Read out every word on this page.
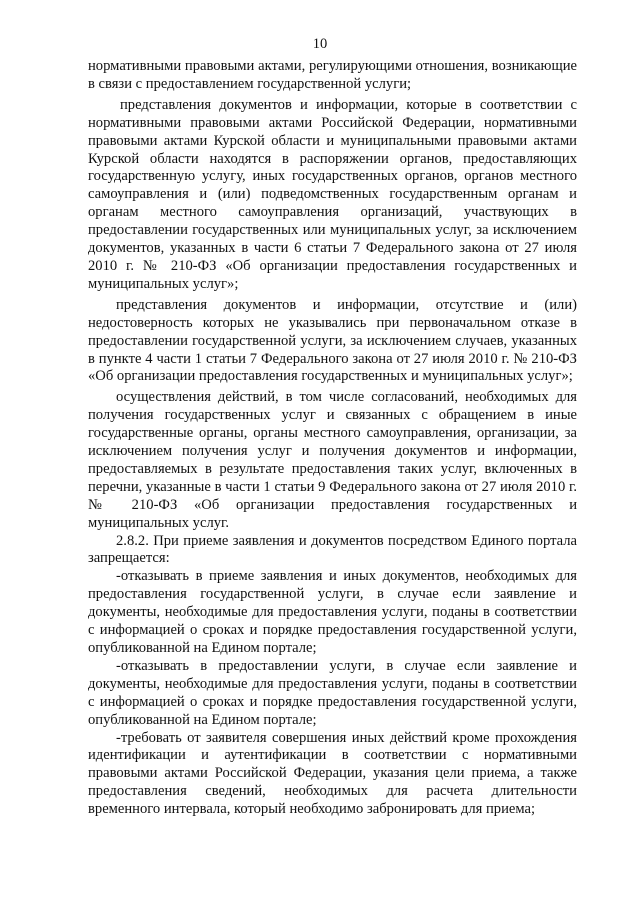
10

нормативными правовыми актами, регулирующими отношения, возникающие в связи с предоставлением государственной услуги;

представления документов и информации, которые в соответствии с нормативными правовыми актами Российской Федерации, нормативными правовыми актами Курской области и муниципальными правовыми актами Курской области находятся в распоряжении органов, предоставляющих государственную услугу, иных государственных органов, органов местного самоуправления и (или) подведомственных государственным органам и органам местного самоуправления организаций, участвующих в предоставлении государственных или муниципальных услуг, за исключением документов, указанных в части 6 статьи 7 Федерального закона от 27 июля 2010 г. № 210-ФЗ «Об организации предоставления государственных и муниципальных услуг»;

представления документов и информации, отсутствие и (или) недостоверность которых не указывались при первоначальном отказе в предоставлении государственной услуги, за исключением случаев, указанных в пункте 4 части 1 статьи 7 Федерального закона от 27 июля 2010 г. № 210-ФЗ «Об организации предоставления государственных и муниципальных услуг»;

осуществления действий, в том числе согласований, необходимых для получения государственных услуг и связанных с обращением в иные государственные органы, органы местного самоуправления, организации, за исключением получения услуг и получения документов и информации, предоставляемых в результате предоставления таких услуг, включенных в перечни, указанные в части 1 статьи 9 Федерального закона от 27 июля 2010 г. № 210-ФЗ «Об организации предоставления государственных и муниципальных услуг.

2.8.2. При приеме заявления и документов посредством Единого портала запрещается:

-отказывать в приеме заявления и иных документов, необходимых для предоставления государственной услуги, в случае если заявление и документы, необходимые для предоставления услуги, поданы в соответствии с информацией о сроках и порядке предоставления государственной услуги, опубликованной на Едином портале;

-отказывать в предоставлении услуги, в случае если заявление и документы, необходимые для предоставления услуги, поданы в соответствии с информацией о сроках и порядке предоставления государственной услуги, опубликованной на Едином портале;

-требовать от заявителя совершения иных действий кроме прохождения идентификации и аутентификации в соответствии с нормативными правовыми актами Российской Федерации, указания цели приема, а также предоставления сведений, необходимых для расчета длительности временного интервала, который необходимо забронировать для приема;
